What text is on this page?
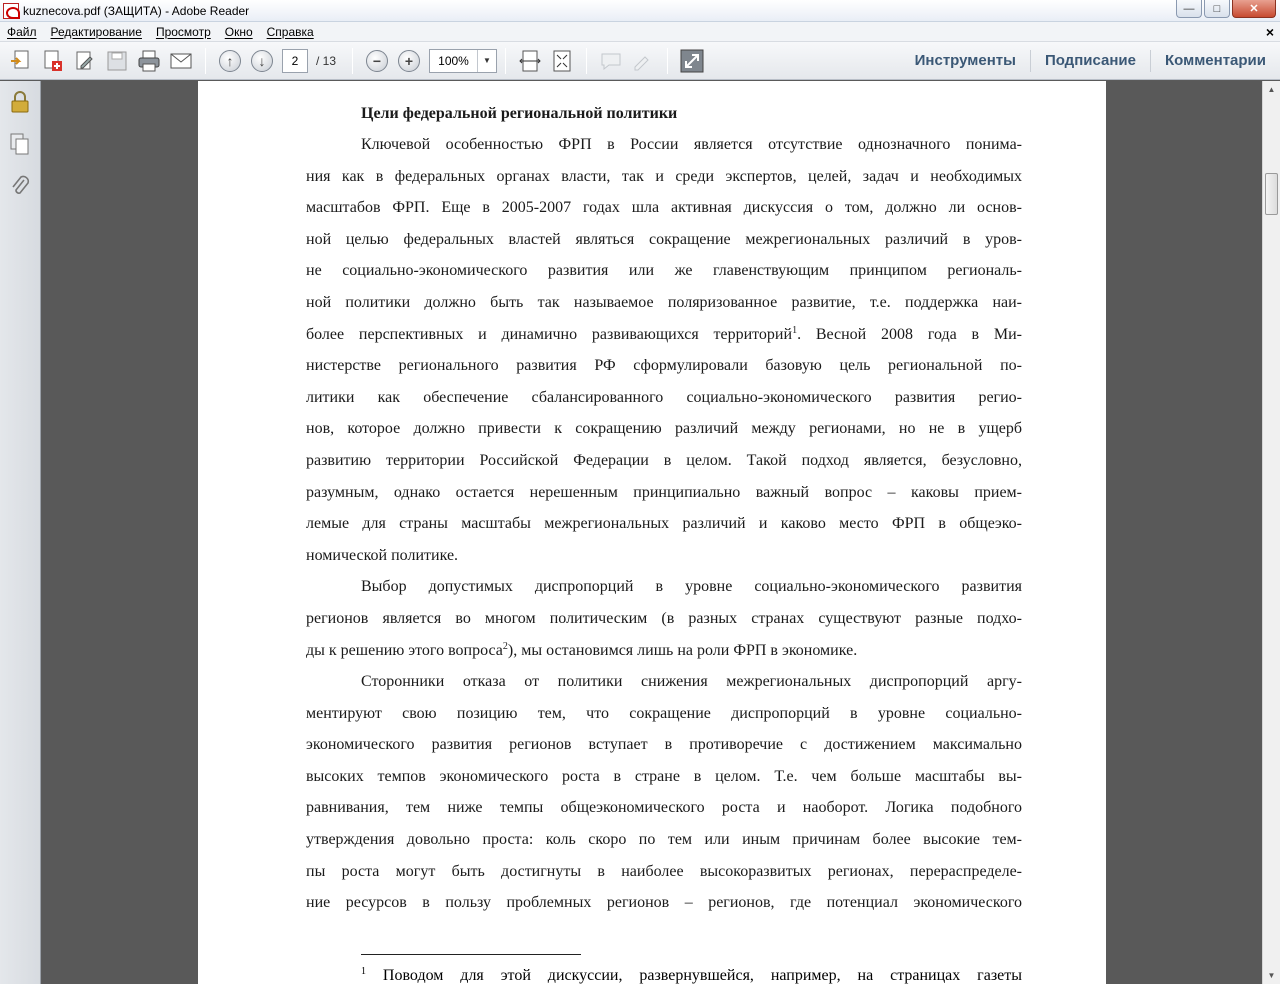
kuznecova.pdf (ЗАЩИТА) - Adobe Reader	—	□	✕
Файл	Редактирование	Просмотр	Окно	Справка	×
↑	↓	2	/ 13	−	+	100%	▼	Инструменты	Подписание	Комментарии
Цели федеральной региональной политики
Ключевой особенностью ФРП в России является отсутствие однозначного понима-
ния как в федеральных органах власти, так и среди экспертов, целей, задач и необходимых
масштабов ФРП. Еще в 2005-2007 годах шла активная дискуссия о том, должно ли основ-
ной целью федеральных властей являться сокращение межрегиональных различий в уров-
не социально-экономического развития или же главенствующим принципом региональ-
ной политики должно быть так называемое поляризованное развитие, т.е. поддержка наи-
более перспективных и динамично развивающихся территорий$^1$. Весной 2008 года в Ми-
нистерстве регионального развития РФ сформулировали базовую цель региональной по-
литики как обеспечение сбалансированного социально-экономического развития регио-
нов, которое должно привести к сокращению различий между регионами, но не в ущерб
развитию территории Российской Федерации в целом. Такой подход является, безусловно,
разумным, однако остается нерешенным принципиально важный вопрос – каковы прием-
лемые для страны масштабы межрегиональных различий и каково место ФРП в общеэко-
номической политике.
Выбор допустимых диспропорций в уровне социально-экономического развития
регионов является во многом политическим (в разных странах существуют разные подхо-
ды к решению этого вопроса$^2$), мы остановимся лишь на роли ФРП в экономике.
Сторонники отказа от политики снижения межрегиональных диспропорций аргу-
ментируют свою позицию тем, что сокращение диспропорций в уровне социально-
экономического развития регионов вступает в противоречие с достижением максимально
высоких темпов экономического роста в стране в целом. Т.е. чем больше масштабы вы-
равнивания, тем ниже темпы общеэкономического роста и наоборот. Логика подобного
утверждения довольно проста: коль скоро по тем или иным причинам более высокие тем-
пы роста могут быть достигнуты в наиболее высокоразвитых регионах, перераспределе-
ние ресурсов в пользу проблемных регионов – регионов, где потенциал экономического
$^1$ Поводом для этой дискуссии, развернувшейся, например, на страницах газеты
▲
▼
